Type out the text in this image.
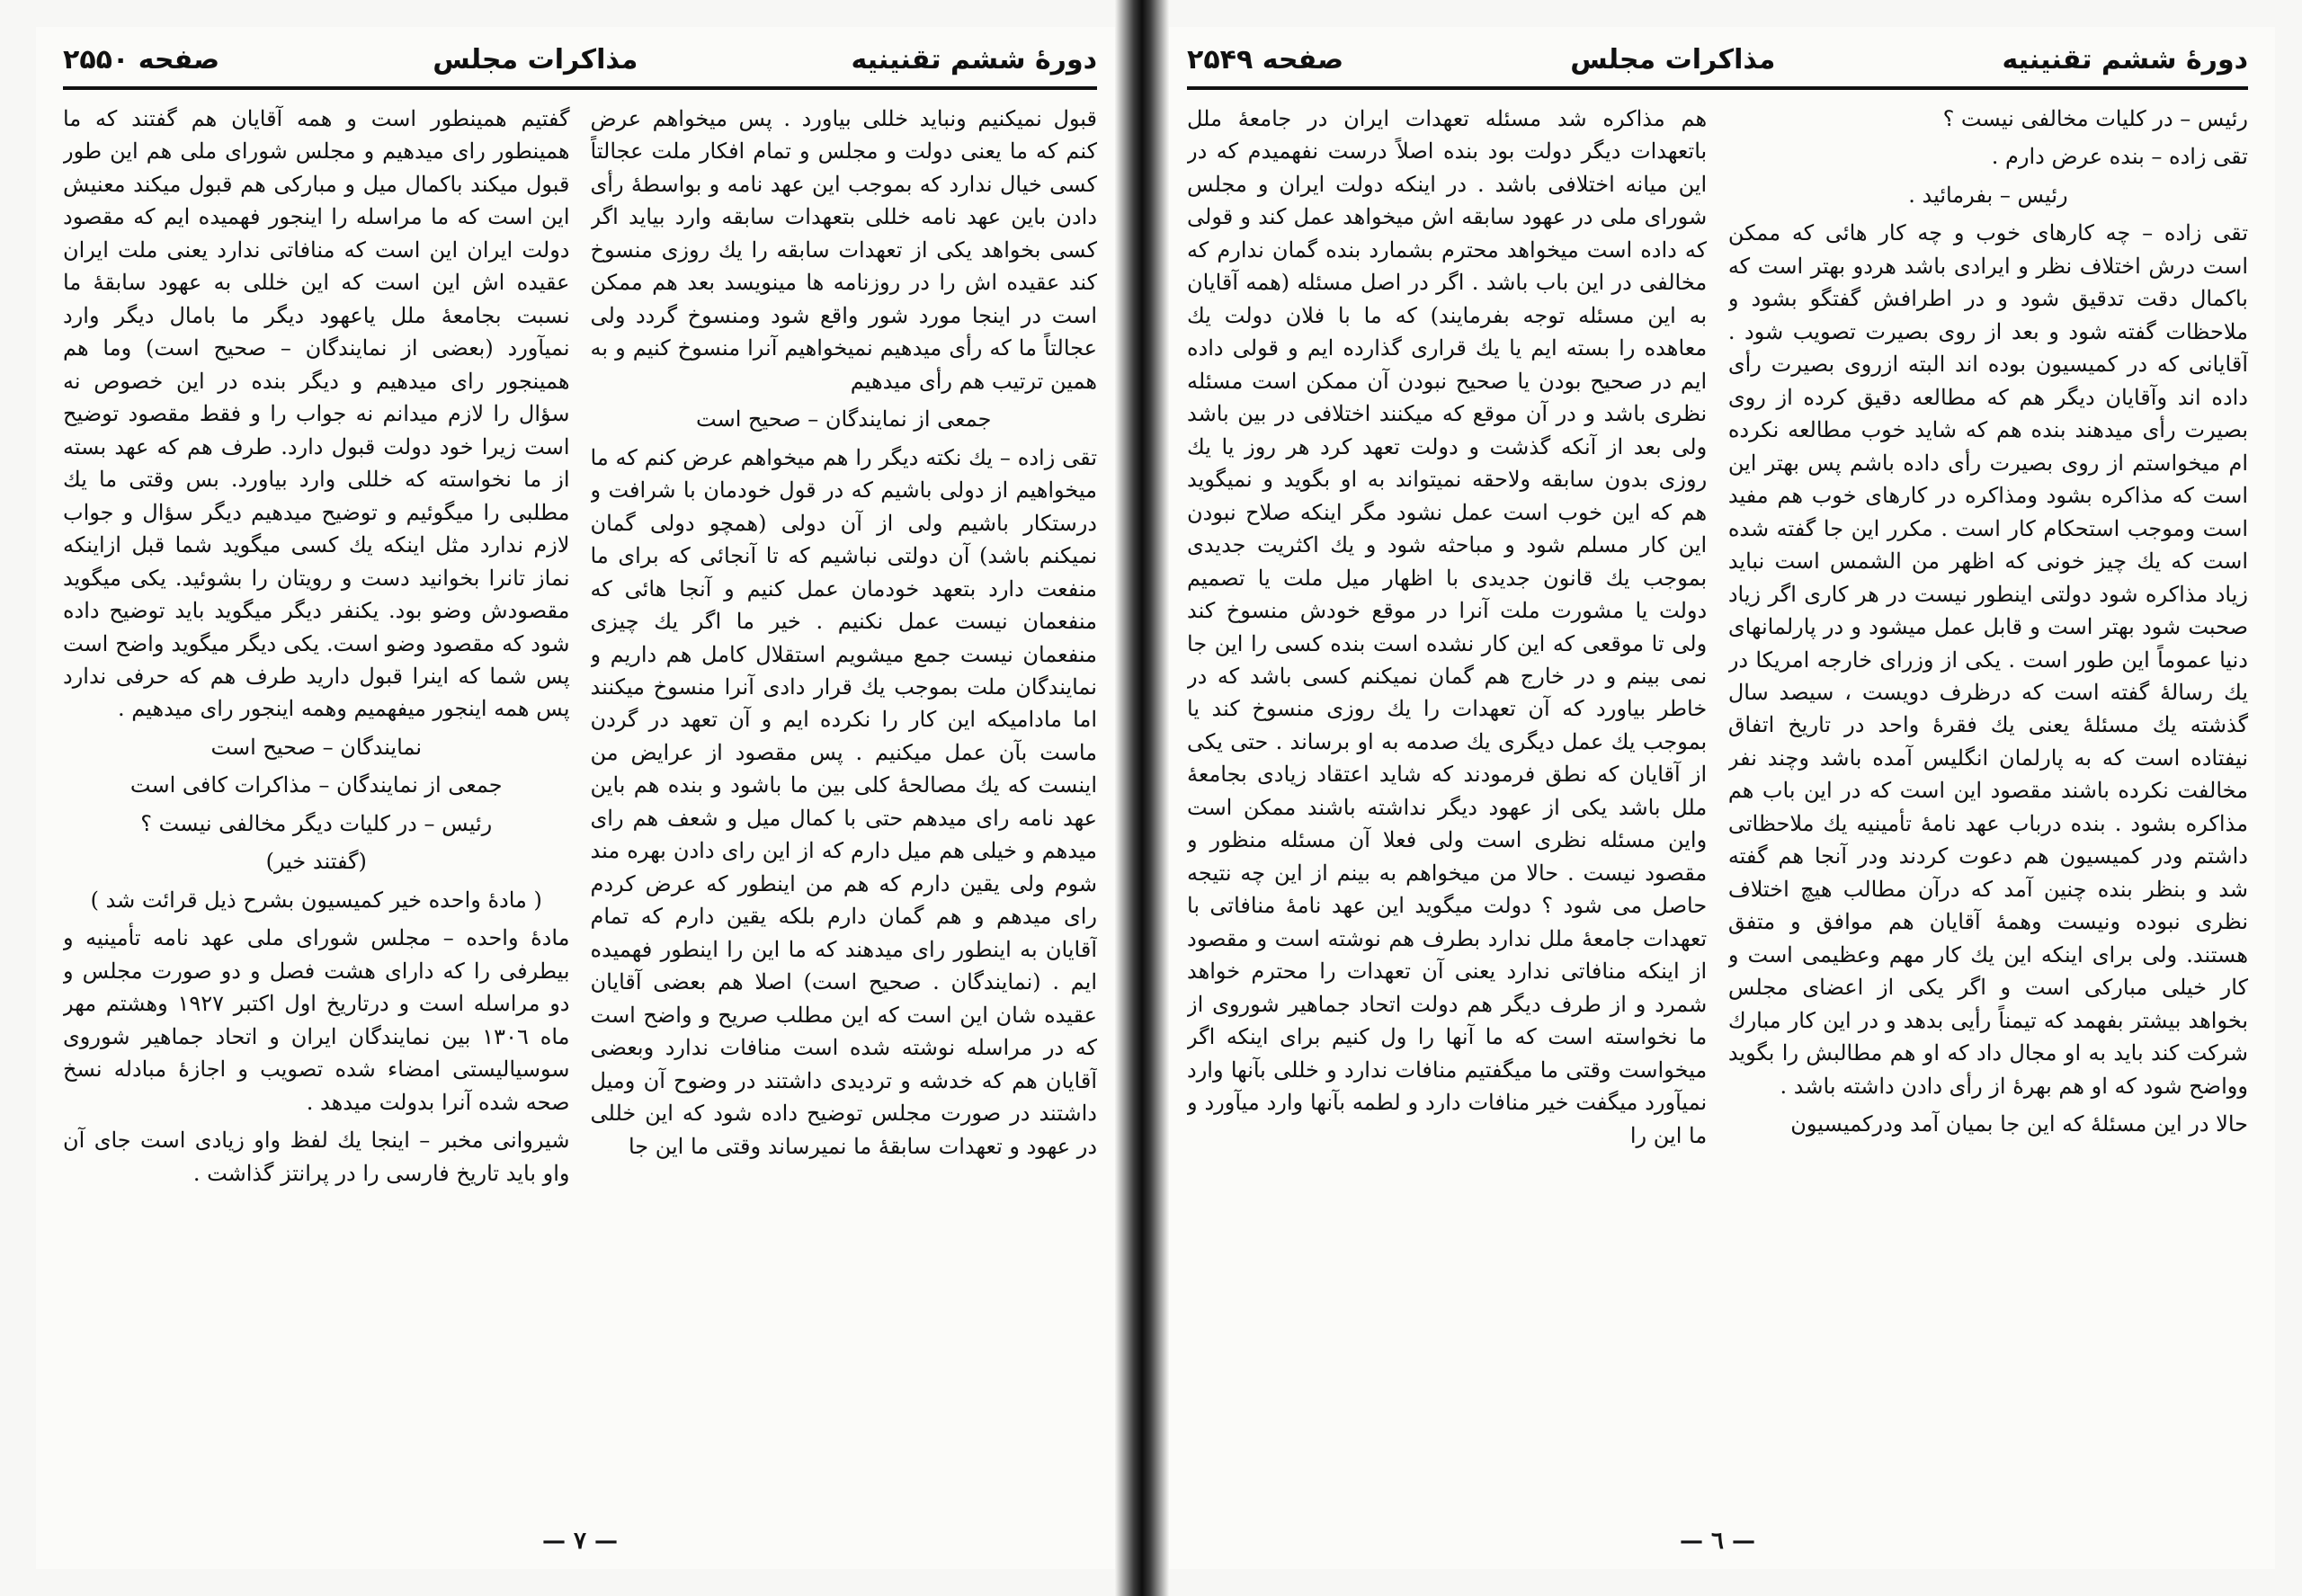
دورهٔ ششم تقنینیه
مذاکرات مجلس
صفحه ۲۵۵۰

قبول نمیکنیم ونباید خللی بیاورد . پس میخواهم عرض کنم که ما یعنی دولت و مجلس و تمام افکار ملت عجالتاً کسی خیال ندارد که بموجب این عهد نامه و بواسطهٔ رأی دادن باین عهد نامه خللی بتعهدات سابقه وارد بیاید اگر کسی بخواهد یکی از تعهدات سابقه را یك روزی منسوخ کند عقیده اش را در روزنامه ها مینویسد بعد هم ممکن است در اینجا مورد شور واقع شود ومنسوخ گردد ولی عجالتاً ما که رأی میدهیم نمیخواهیم آنرا منسوخ کنیم و به همین ترتیب هم رأی میدهیم

جمعی از نمایندگان – صحیح است

تقی زاده – یك نکته دیگر را هم میخواهم عرض کنم که ما میخواهیم از دولی باشیم که در قول خودمان با شرافت و درستکار باشیم ولی از آن دولی (همچو دولی گمان نمیکنم باشد) آن دولتی نباشیم که تا آنجائی که برای ما منفعت دارد بتعهد خودمان عمل کنیم و آنجا هائی که منفعمان نیست عمل نکنیم . خیر ما اگر یك چیزی منفعمان نیست جمع میشویم استقلال کامل هم داریم و نمایندگان ملت بموجب یك قرار دادی آنرا منسوخ میکنند اما مادامیکه این کار را نکرده ایم و آن تعهد در گردن ماست بآن عمل میکنیم . پس مقصود از عرایض من اینست که یك مصالحهٔ کلی بین ما باشود و بنده هم باین عهد نامه رای میدهم حتی با کمال میل و شعف هم رای میدهم و خیلی هم میل دارم که از این رای دادن بهره مند شوم ولی یقین دارم که هم من اینطور که عرض کردم رای میدهم و هم گمان دارم بلکه یقین دارم که تمام آقایان به اینطور رای میدهند که ما این را اینطور فهمیده ایم . (نمایندگان . صحیح است) اصلا هم بعضی آقایان عقیده شان این است که این مطلب صریح و واضح است که در مراسله نوشته شده است منافات ندارد وبعضی آقایان هم که خدشه و تردیدی داشتند در وضوح آن ومیل داشتند در صورت مجلس توضیح داده شود که این خللی در عهود و تعهدات سابقهٔ ما نمیرساند وقتی ما این جا

گفتیم همینطور است و همه آقایان هم گفتند که ما همینطور رای میدهیم و مجلس شورای ملی هم این طور قبول میکند باکمال میل و مبارکی هم قبول میکند معنیش این است که ما مراسله را اینجور فهمیده ایم که مقصود دولت ایران این است که منافاتی ندارد یعنی ملت ایران عقیده اش این است که این خللی به عهود سابقهٔ ما نسبت بجامعهٔ ملل یاعهود دیگر ما بامال دیگر وارد نمیآورد (بعضی از نمایندگان – صحیح است) وما هم همینجور رای میدهیم و دیگر بنده در این خصوص نه سؤال را لازم میدانم نه جواب را و فقط مقصود توضیح است زیرا خود دولت قبول دارد. طرف هم که عهد بسته از ما نخواسته که خللی وارد بیاورد. بس وقتی ما یك مطلبی را میگوئیم و توضیح میدهیم دیگر سؤال و جواب لازم ندارد مثل اینکه یك کسی میگوید شما قبل ازاینکه نماز تانرا بخوانید دست و رویتان را بشوئید. یکی میگوید مقصودش وضو بود. یکنفر دیگر میگوید باید توضیح داده شود که مقصود وضو است. یکی دیگر میگوید واضح است پس شما که اینرا قبول دارید طرف هم که حرفی ندارد پس همه اینجور میفهمیم وهمه اینجور رای میدهیم .

نمایندگان – صحیح است

جمعی از نمایندگان – مذاکرات کافی است

رئیس – در کلیات دیگر مخالفی نیست ؟

(گفتند خیر)

( مادهٔ واحده خیر کمیسیون بشرح ذیل قرائت شد )

مادهٔ واحده – مجلس شورای ملی عهد نامه تأمینیه و بیطرفی را که دارای هشت فصل و دو صورت مجلس و دو مراسله است و درتاریخ اول اکتبر ۱۹۲۷ وهشتم مهر ماه ۱۳۰٦ بین نمایندگان ایران و اتحاد جماهیر شوروی سوسیالیستی امضاء شده تصویب و اجازهٔ مبادله نسخ صحه شده آنرا بدولت میدهد .

شیروانی مخبر – اینجا یك لفظ واو زیادی است جای آن واو باید تاریخ فارسی را در پرانتز گذاشت .

— ٧ —
دورهٔ ششم تقنینیه
مذاکرات مجلس
صفحه ۲۵۴۹

رئیس – در کلیات مخالفی نیست ؟

تقی زاده – بنده عرض دارم .

رئیس – بفرمائید .

تقی زاده – چه کارهای خوب و چه کار هائی که ممکن است درش اختلاف نظر و ایرادی باشد هردو بهتر است که باکمال دقت تدقیق شود و در اطرافش گفتگو بشود و ملاحظات گفته شود و بعد از روی بصیرت تصویب شود . آقایانی که در کمیسیون بوده اند البته ازروی بصیرت رأی داده اند وآقایان دیگر هم که مطالعه دقیق کرده از روی بصیرت رأی میدهند بنده هم که شاید خوب مطالعه نکرده ام میخواستم از روی بصیرت رأی داده باشم پس بهتر این است که مذاکره بشود ومذاکره در کارهای خوب هم مفید است وموجب استحکام کار است . مکرر این جا گفته شده است که یك چیز خونی كه اظهر من الشمس است نباید زیاد مذاکره شود دولتی اینطور نیست در هر کاری اگر زیاد صحبت شود بهتر است و قابل عمل میشود و در پارلمانهای دنیا عموماً این طور است . یکی از وزرای خارجه امریکا در یك رسالهٔ گفته است که درظرف دویست ، سیصد سال گذشته یك مسئلهٔ یعنی یك فقرهٔ واحد در تاریخ اتفاق نیفتاده است که به پارلمان انگلیس آمده باشد وچند نفر مخالفت نکرده باشند مقصود این است که در این باب هم مذاکره بشود . بنده درباب عهد نامهٔ تأمینیه یك ملاحظاتی داشتم ودر کمیسیون هم دعوت کردند ودر آنجا هم گفته شد و بنظر بنده چنین آمد که درآن مطالب هیچ اختلاف نظری نبوده ونیست وهمهٔ آقایان هم موافق و متفق هستند. ولی برای اینکه این یك کار مهم وعظیمی است و کار خیلی مبارکی است و اگر یکی از اعضای مجلس بخواهد بیشتر بفهمد که تیمناً رأیی بدهد و در این کار مبارك شرکت کند باید به او مجال داد که او هم مطالبش را بگوید وواضح شود که او هم بهرهٔ از رأی دادن داشته باشد .

حالا در این مسئلهٔ که این جا بمیان آمد ودرکمیسیون

هم مذاکره شد مسئله تعهدات ایران در جامعهٔ ملل باتعهدات دیگر دولت بود بنده اصلاً درست نفهمیدم که در این میانه اختلافی باشد . در اینکه دولت ایران و مجلس شورای ملی در عهود سابقه اش میخواهد عمل کند و قولی که داده است میخواهد محترم بشمارد بنده گمان ندارم که مخالفی در این باب باشد . اگر در اصل مسئله (همه آقایان به این مسئله توجه بفرمایند) که ما با فلان دولت یك معاهده را بسته ایم یا یك قراری گذارده ایم و قولی داده ایم در صحیح بودن یا صحیح نبودن آن ممکن است مسئله نظری باشد و در آن موقع که میکنند اختلافی در بین باشد ولی بعد از آنکه گذشت و دولت تعهد کرد هر روز یا یك روزی بدون سابقه ولاحقه نمیتواند به او بگوید و نمیگوید هم که این خوب است عمل نشود مگر اینکه صلاح نبودن این کار مسلم شود و مباحثه شود و یك اکثریت جدیدی بموجب یك قانون جدیدی با اظهار میل ملت یا تصمیم دولت یا مشورت ملت آنرا در موقع خودش منسوخ کند ولی تا موقعی که این کار نشده است بنده کسی را این جا نمی بینم و در خارج هم گمان نمیکنم کسی باشد که در خاطر بیاورد که آن تعهدات را یك روزی منسوخ کند یا بموجب یك عمل دیگری یك صدمه به او برساند . حتی یکی از آقایان که نطق فرمودند که شاید اعتقاد زیادی بجامعهٔ ملل باشد یکی از عهود دیگر نداشته باشند ممکن است واین مسئله نظری است ولی فعلا آن مسئله منظور و مقصود نیست . حالا من میخواهم به بینم از این چه نتیجه حاصل می شود ؟ دولت میگوید این عهد نامهٔ منافاتی با تعهدات جامعهٔ ملل ندارد بطرف هم نوشته است و مقصود از اینکه منافاتی ندارد یعنی آن تعهدات را محترم خواهد شمرد و از طرف دیگر هم دولت اتحاد جماهیر شوروی از ما نخواسته است که ما آنها را ول کنیم برای اینکه اگر میخواست وقتی ما میگفتیم منافات ندارد و خللی بآنها وارد نمیآورد میگفت خیر منافات دارد و لطمه بآنها وارد میآورد و ما این را

— ٦ —
